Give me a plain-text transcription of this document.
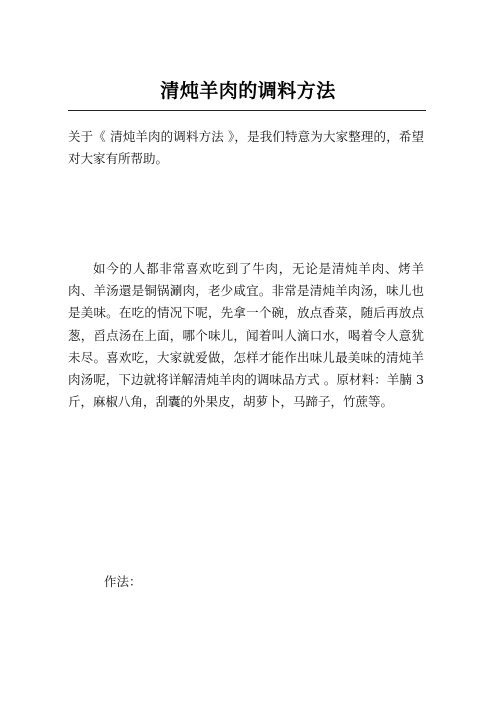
清炖羊肉的调料方法
关于《 清炖羊肉的调料方法 》，是我们特意为大家整理的，希望对大家有所帮助。
如今的人都非常喜欢吃到了牛肉，无论是清炖羊肉、烤羊肉、羊汤還是铜锅涮肉，老少咸宜。非常是清炖羊肉汤，味儿也是美味。在吃的情况下呢，先拿一个碗，放点香菜，随后再放点葱，舀点汤在上面，哪个味儿，闻着叫人滴口水，喝着令人意犹未尽。喜欢吃，大家就爱做，怎样才能作出味儿最美味的清炖羊肉汤呢，下边就将详解清炖羊肉的调味品方式 。原材料：羊腩 3 斤，麻椒八角，刮囊的外果皮，胡萝卜，马蹄子，竹蔗等。
作法：
